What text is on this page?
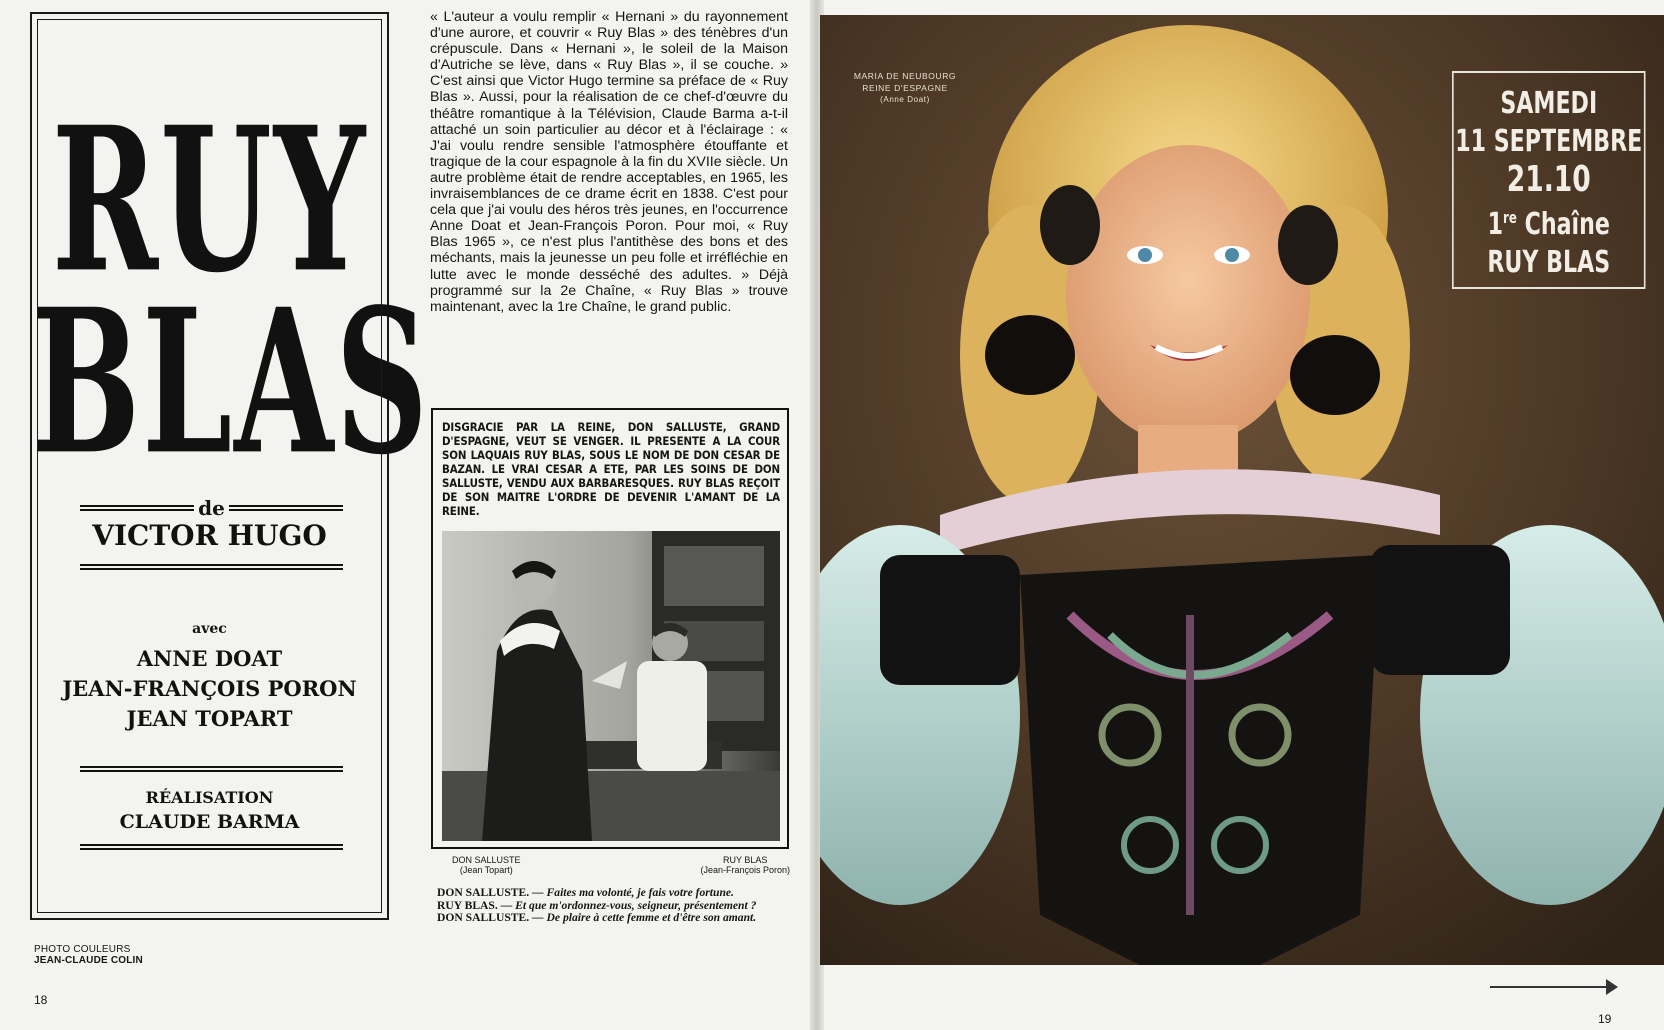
RUY
BLAS
de
VICTOR HUGO
avec
ANNE DOAT
JEAN-FRANÇOIS PORON
JEAN TOPART
RÉALISATION
CLAUDE BARMA
PHOTO COULEURS
JEAN-CLAUDE COLIN
18
« L'auteur a voulu remplir « Hernani » du rayonnement d'une aurore, et couvrir « Ruy Blas » des ténèbres d'un crépuscule. Dans « Hernani », le soleil de la Maison d'Autriche se lève, dans « Ruy Blas », il se couche. » C'est ainsi que Victor Hugo termine sa préface de « Ruy Blas ». Aussi, pour la réalisation de ce chef-d'œuvre du théâtre romantique à la Télévision, Claude Barma a-t-il attaché un soin particulier au décor et à l'éclairage : « J'ai voulu rendre sensible l'atmosphère étouffante et tragique de la cour espagnole à la fin du XVIIe siècle. Un autre problème était de rendre acceptables, en 1965, les invraisemblances de ce drame écrit en 1838. C'est pour cela que j'ai voulu des héros très jeunes, en l'occurrence Anne Doat et Jean-François Poron. Pour moi, « Ruy Blas 1965 », ce n'est plus l'antithèse des bons et des méchants, mais la jeunesse un peu folle et irréfléchie en lutte avec le monde desséché des adultes. » Déjà programmé sur la 2e Chaîne, « Ruy Blas » trouve maintenant, avec la 1re Chaîne, le grand public.
DISGRACIE PAR LA REINE, DON SALLUSTE, GRAND D'ESPAGNE, VEUT SE VENGER. IL PRESENTE A LA COUR SON LAQUAIS RUY BLAS, SOUS LE NOM DE DON CESAR DE BAZAN. LE VRAI CESAR A ETE, PAR LES SOINS DE DON SALLUSTE, VENDU AUX BARBARESQUES. RUY BLAS REÇOIT DE SON MAITRE L'ORDRE DE DEVENIR L'AMANT DE LA REINE.
DON SALLUSTE
(Jean Topart)
RUY BLAS
(Jean-François Poron)
DON SALLUSTE. — Faites ma volonté, je fais votre fortune.
RUY BLAS. — Et que m'ordonnez-vous, seigneur, présentement ?
DON SALLUSTE. — De plaire à cette femme et d'être son amant.
MARIA DE NEUBOURG
REINE D'ESPAGNE
(Anne Doat)	SAMEDI
11 SEPTEMBRE
21.10
1re Chaîne
RUY BLAS
19
